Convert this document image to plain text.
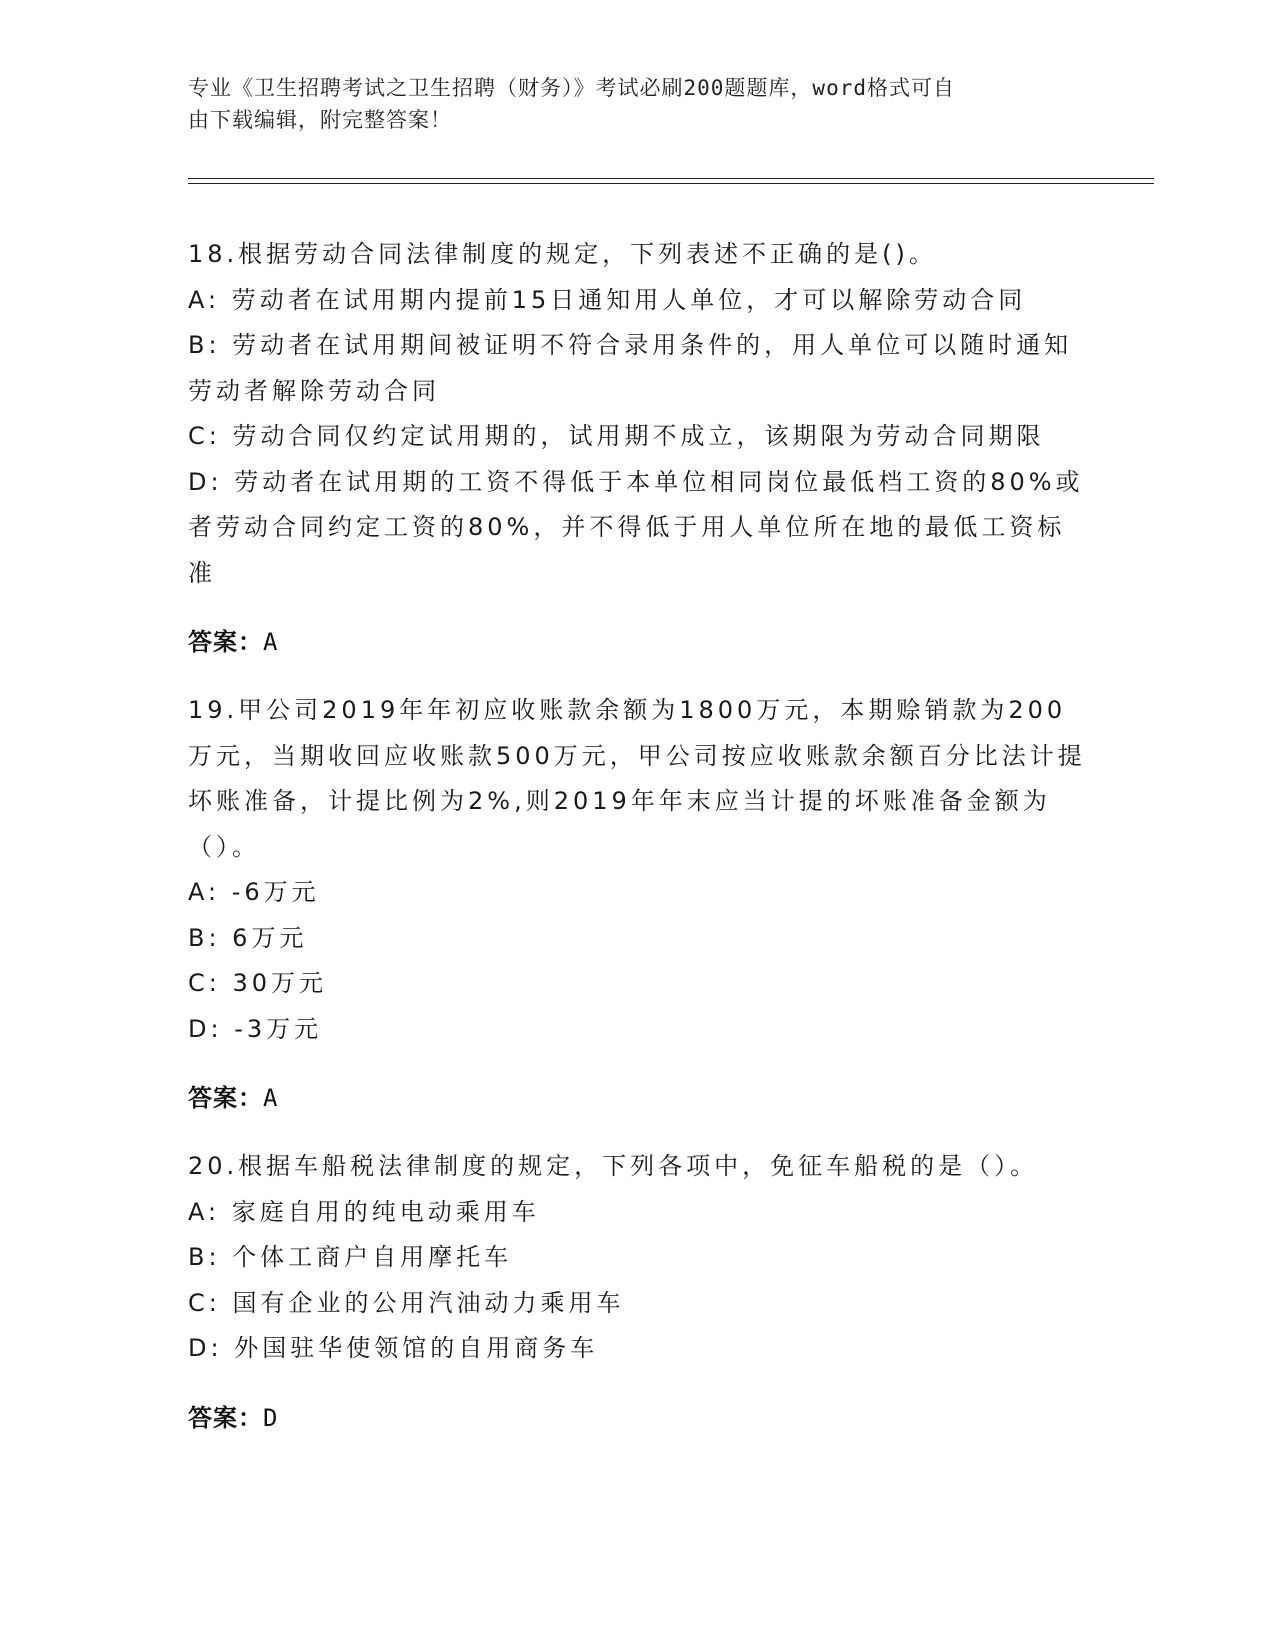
专业《卫生招聘考试之卫生招聘（财务）》考试必刷200题题库，word格式可自
由下载编辑，附完整答案！

18.根据劳动合同法律制度的规定，下列表述不正确的是()。

A: 劳动者在试用期内提前15日通知用人单位，才可以解除劳动合同

B: 劳动者在试用期间被证明不符合录用条件的，用人单位可以随时通知劳动者解除劳动合同

C: 劳动合同仅约定试用期的，试用期不成立，该期限为劳动合同期限

D: 劳动者在试用期的工资不得低于本单位相同岗位最低档工资的80%或者劳动合同约定工资的80%，并不得低于用人单位所在地的最低工资标准

答案：A

19.甲公司2019年年初应收账款余额为1800万元，本期赊销款为200万元，当期收回应收账款500万元，甲公司按应收账款余额百分比法计提坏账准备，计提比例为2%,则2019年年末应当计提的坏账准备金额为（）。

A: -6万元

B: 6万元

C: 30万元

D: -3万元

答案：A

20.根据车船税法律制度的规定，下列各项中，免征车船税的是（）。

A: 家庭自用的纯电动乘用车

B: 个体工商户自用摩托车

C: 国有企业的公用汽油动力乘用车

D: 外国驻华使领馆的自用商务车

答案：D
